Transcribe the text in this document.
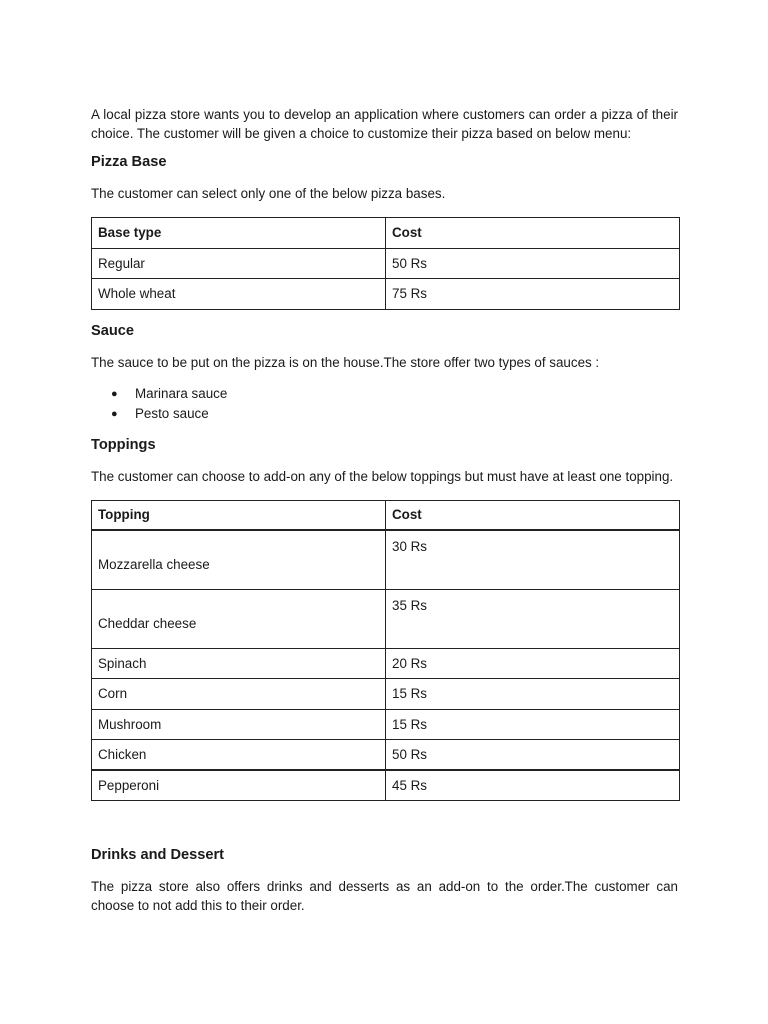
A local pizza store wants you to develop an application where customers can order a pizza of their choice. The customer will be given a choice to customize their pizza based on below menu:

Pizza Base

The customer can select only one of the below pizza bases.

Base type	Cost
Regular	50 Rs
Whole wheat	75 Rs
Sauce

The sauce to be put on the pizza is on the house.The store offer two types of sauces :

● Marinara sauce
● Pesto sauce
Toppings

The customer can choose to add-on any of the below toppings but must have at least one topping.

Topping	Cost
Mozzarella cheese	30 Rs
Cheddar cheese	35 Rs
Spinach	20 Rs
Corn	15 Rs
Mushroom	15 Rs
Chicken	50 Rs
Pepperoni	45 Rs
Drinks and Dessert

The pizza store also offers drinks and desserts as an add-on to the order.The customer can choose to not add this to their order.
